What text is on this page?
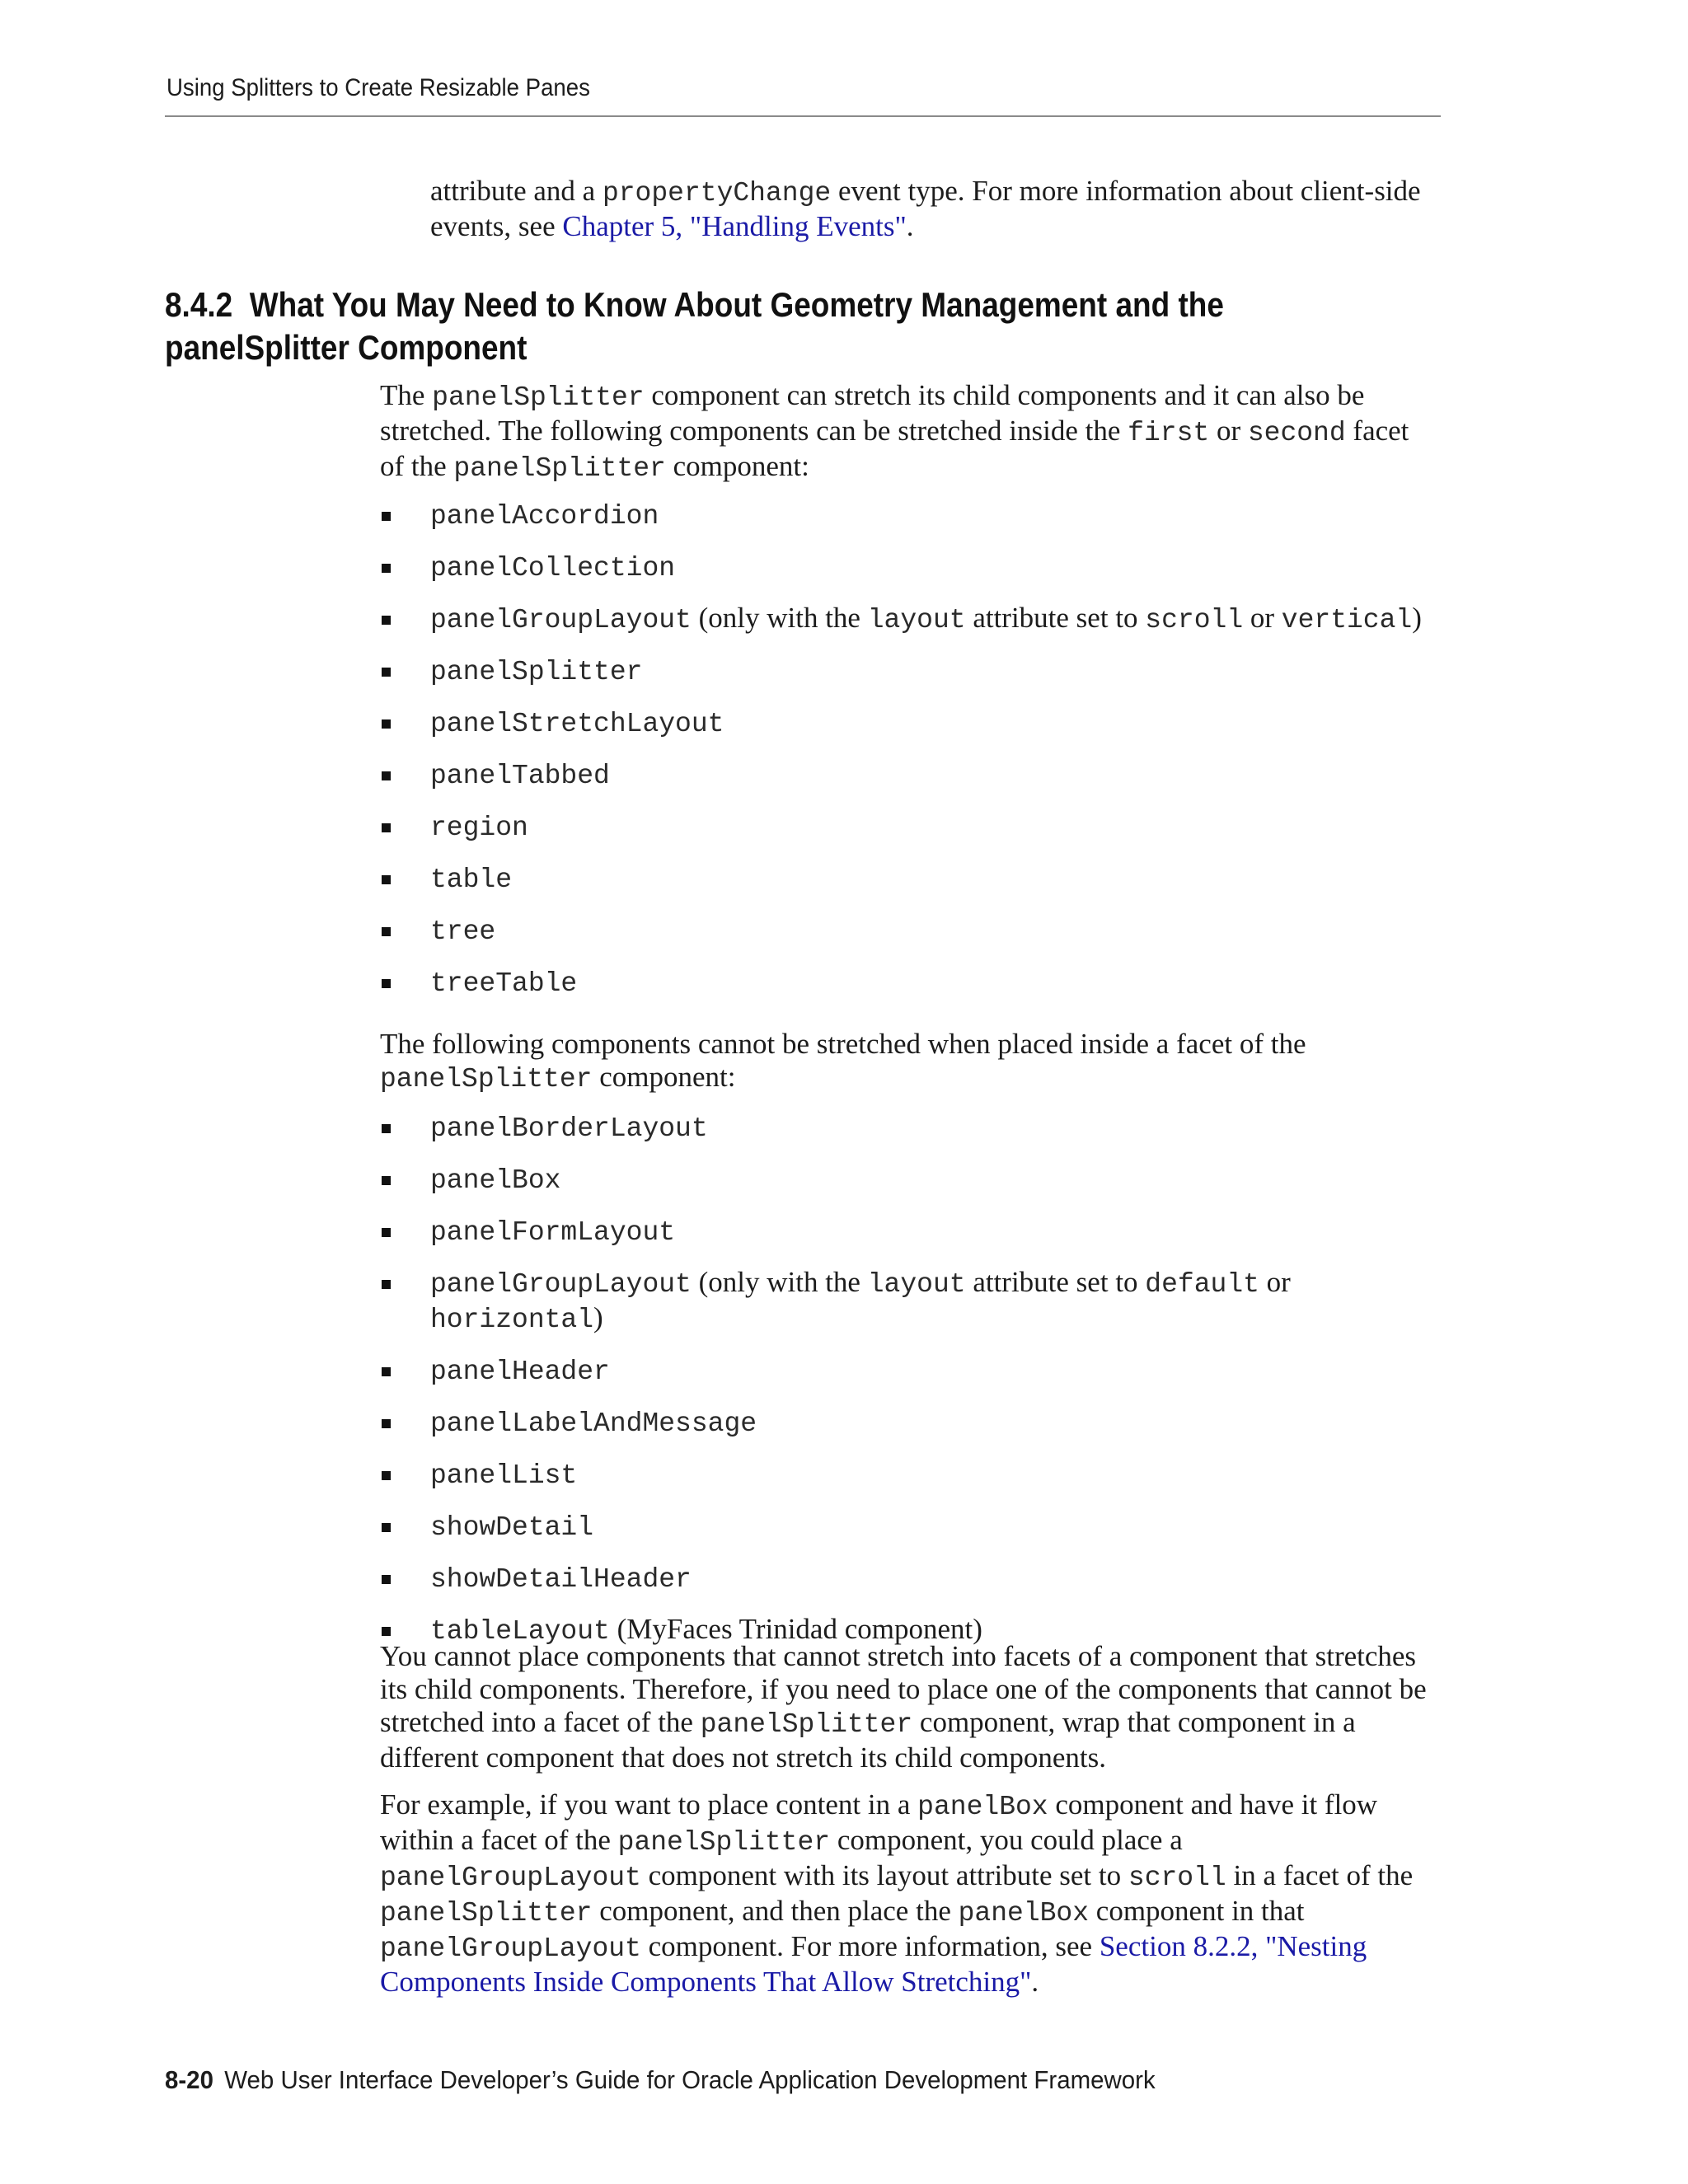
Using Splitters to Create Resizable Panes
attribute and a propertyChange event type. For more information about client-side events, see Chapter 5, "Handling Events".
8.4.2 What You May Need to Know About Geometry Management and the panelSplitter Component
The panelSplitter component can stretch its child components and it can also be stretched. The following components can be stretched inside the first or second facet of the panelSplitter component:
panelAccordion
panelCollection
panelGroupLayout (only with the layout attribute set to scroll or vertical)
panelSplitter
panelStretchLayout
panelTabbed
region
table
tree
treeTable
The following components cannot be stretched when placed inside a facet of the panelSplitter component:
panelBorderLayout
panelBox
panelFormLayout
panelGroupLayout (only with the layout attribute set to default or horizontal)
panelHeader
panelLabelAndMessage
panelList
showDetail
showDetailHeader
tableLayout (MyFaces Trinidad component)
You cannot place components that cannot stretch into facets of a component that stretches its child components. Therefore, if you need to place one of the components that cannot be stretched into a facet of the panelSplitter component, wrap that component in a different component that does not stretch its child components.
For example, if you want to place content in a panelBox component and have it flow within a facet of the panelSplitter component, you could place a panelGroupLayout component with its layout attribute set to scroll in a facet of the panelSplitter component, and then place the panelBox component in that panelGroupLayout component. For more information, see Section 8.2.2, "Nesting Components Inside Components That Allow Stretching".
8-20 Web User Interface Developer’s Guide for Oracle Application Development Framework
